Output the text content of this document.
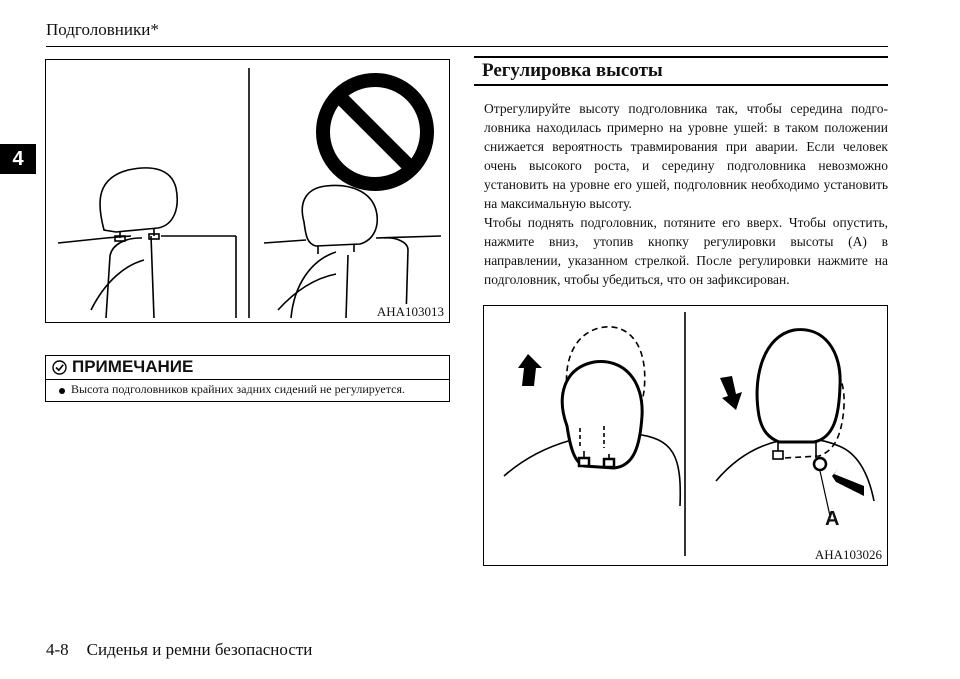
Подголовники*
4
AHA103013
ПРИМЕЧАНИЕ
Высота подголовников крайних задних сидений не регулируется.
Регулировка высоты

Отрегулируйте высоту подголовника так, чтобы середина подголовника находилась примерно на уровне ушей: в таком положении снижается вероятность травмирования при аварии. Если человек очень высокого роста, и середину подголовника невозможно установить на уровне его ушей, подголовник необходимо установить на максимальную высоту.

Чтобы поднять подголовник, потяните его вверх. Чтобы опустить, нажмите вниз, утопив кнопку регулировки высоты (A) в направлении, указанном стрелкой. После регулировки нажмите на подголовник, чтобы убедиться, что он зафиксирован.

A
AHA103026
4-8 Сиденья и ремни безопасности
